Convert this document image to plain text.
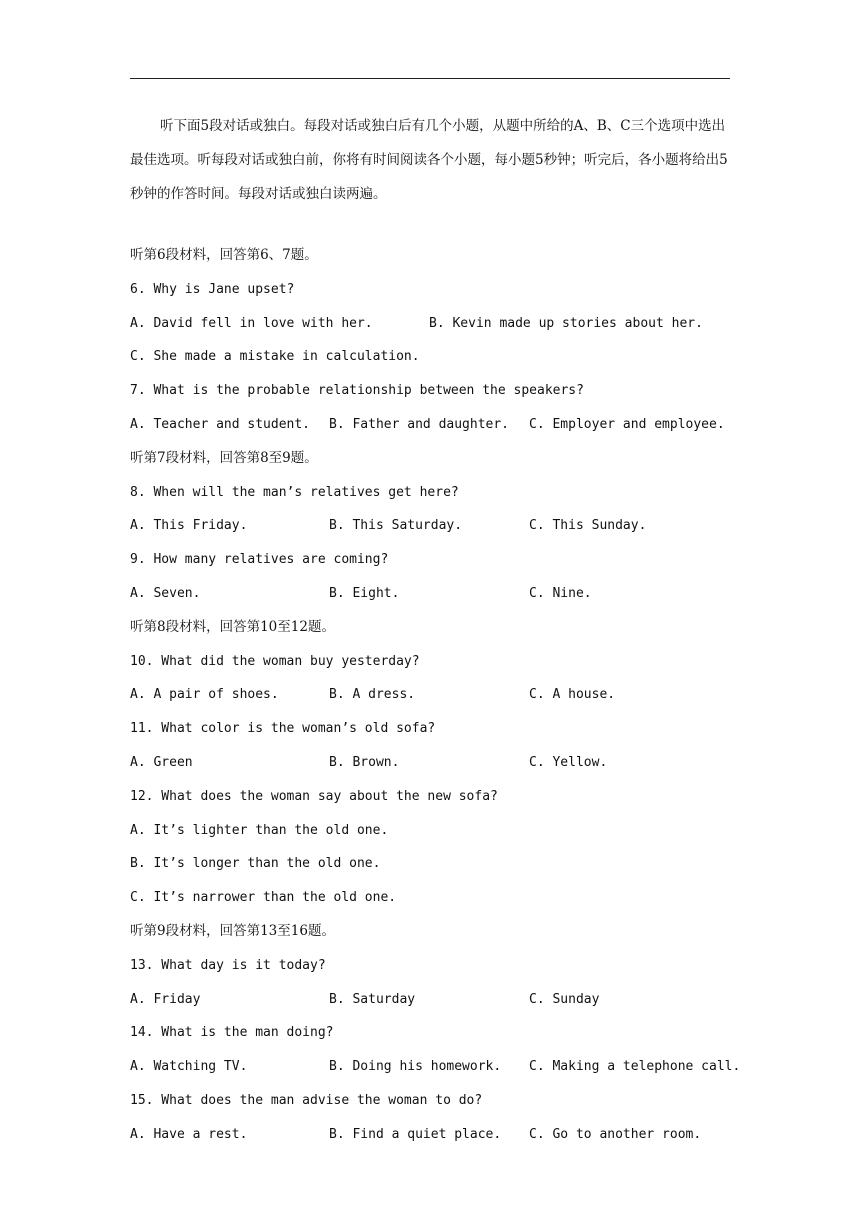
听下面5段对话或独白。每段对话或独白后有几个小题，从题中所给的A、B、C三个选项中选出最佳选项。听每段对话或独白前，你将有时间阅读各个小题，每小题5秒钟；听完后，各小题将给出5秒钟的作答时间。每段对话或独白读两遍。
听第6段材料，回答第6、7题。
6. Why is Jane upset?
A. David fell in love with her.	B. Kevin made up stories about her.
C. She made a mistake in calculation.
7. What is the probable relationship between the speakers?
A. Teacher and student. B. Father and daughter. C. Employer and employee.
听第7段材料，回答第8至9题。
8. When will the man’s relatives get here?
A. This Friday.	B. This Saturday.	C. This Sunday.
9. How many relatives are coming?
A. Seven.	B. Eight.	C. Nine.
听第8段材料，回答第10至12题。
10. What did the woman buy yesterday?
A. A pair of shoes.	B. A dress.	C. A house.
11. What color is the woman’s old sofa?
A. Green	B. Brown.	C. Yellow.
12. What does the woman say about the new sofa?
A. It’s lighter than the old one.
B. It’s longer than the old one.
C. It’s narrower than the old one.
听第9段材料，回答第13至16题。
13. What day is it today?
A. Friday	B. Saturday	C. Sunday
14. What is the man doing?
A. Watching TV.	B. Doing his homework. C. Making a telephone call.
15. What does the man advise the woman to do?
A. Have a rest.	B. Find a quiet place. C. Go to another room.
